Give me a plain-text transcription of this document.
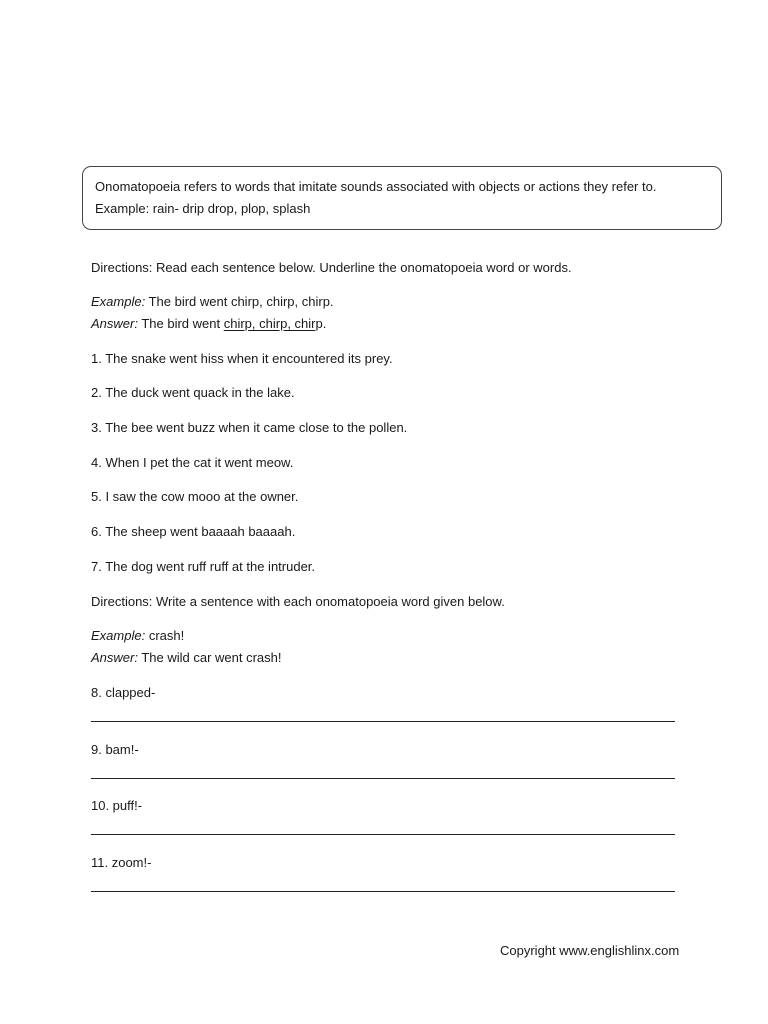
Onomatopoeia refers to words that imitate sounds associated with objects or actions they refer to.
Example: rain- drip drop, plop, splash
Directions: Read each sentence below. Underline the onomatopoeia word or words.
Example: The bird went chirp, chirp, chirp.
Answer: The bird went chirp, chirp, chirp.
1. The snake went hiss when it encountered its prey.
2. The duck went quack in the lake.
3. The bee went buzz when it came close to the pollen.
4. When I pet the cat it went meow.
5. I saw the cow mooo at the owner.
6. The sheep went baaaah baaaah.
7. The dog went ruff ruff at the intruder.
Directions: Write a sentence with each onomatopoeia word given below.
Example: crash!
Answer: The wild car went crash!
8. clapped-
9. bam!-
10. puff!-
11. zoom!-
Copyright www.englishlinx.com
